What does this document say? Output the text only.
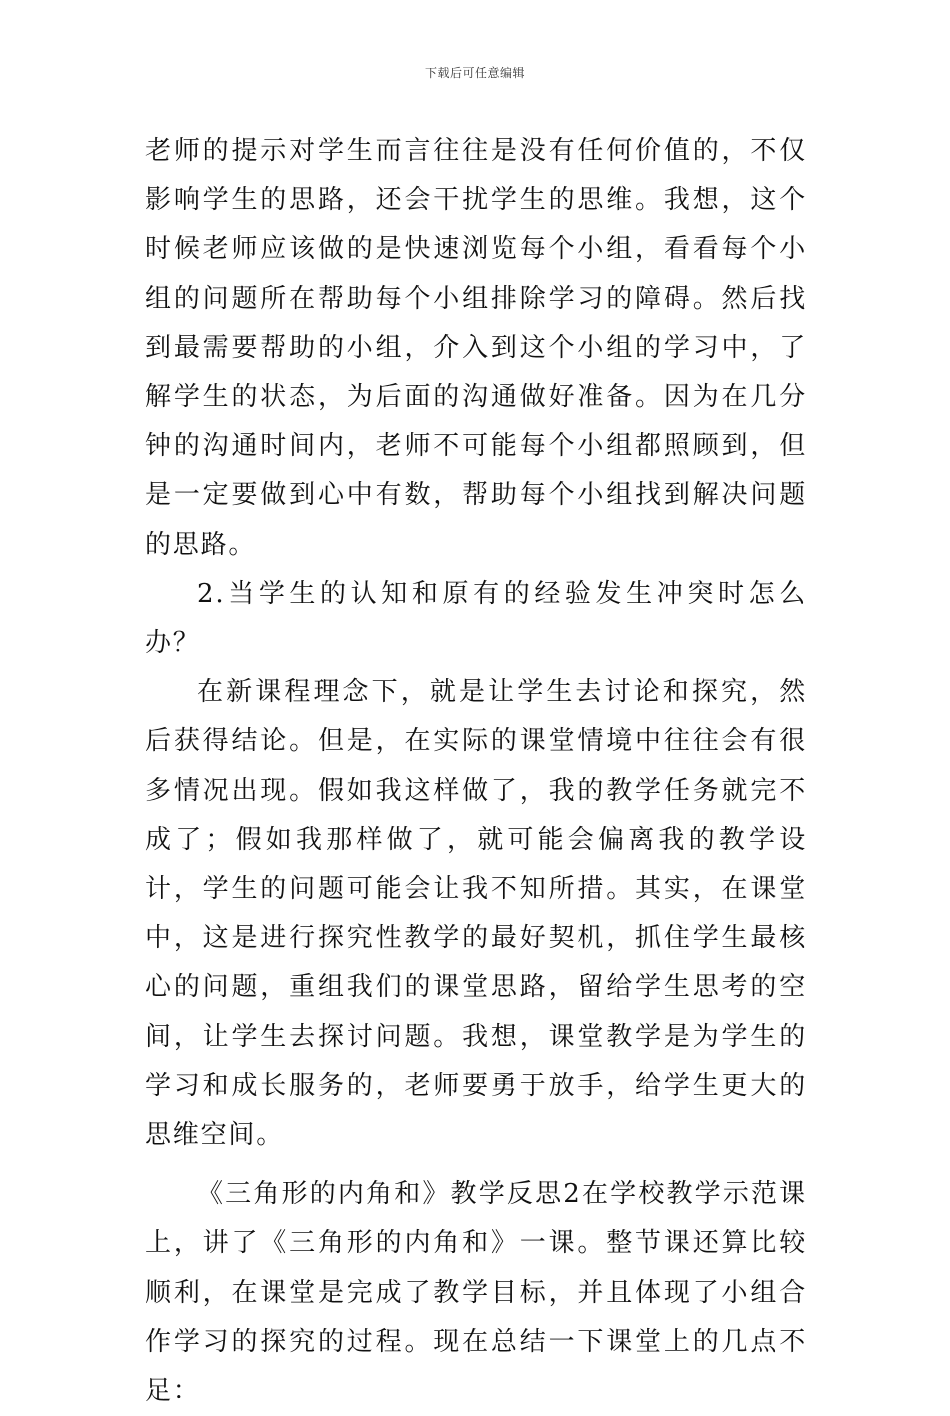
下载后可任意编辑

老师的提示对学生而言往往是没有任何价值的，不仅影响学生的思路，还会干扰学生的思维。我想，这个时候老师应该做的是快速浏览每个小组，看看每个小组的问题所在帮助每个小组排除学习的障碍。然后找到最需要帮助的小组，介入到这个小组的学习中，了解学生的状态，为后面的沟通做好准备。因为在几分钟的沟通时间内，老师不可能每个小组都照顾到，但是一定要做到心中有数，帮助每个小组找到解决问题的思路。

2.当学生的认知和原有的经验发生冲突时怎么办？

在新课程理念下，就是让学生去讨论和探究，然后获得结论。但是，在实际的课堂情境中往往会有很多情况出现。假如我这样做了，我的教学任务就完不成了；假如我那样做了，就可能会偏离我的教学设计，学生的问题可能会让我不知所措。其实，在课堂中，这是进行探究性教学的最好契机，抓住学生最核心的问题，重组我们的课堂思路，留给学生思考的空间，让学生去探讨问题。我想，课堂教学是为学生的学习和成长服务的，老师要勇于放手，给学生更大的思维空间。

《三角形的内角和》教学反思2在学校教学示范课上，讲了《三角形的内角和》一课。整节课还算比较顺利，在课堂是完成了教学目标，并且体现了小组合作学习的探究的过程。现在总结一下课堂上的几点不足：
